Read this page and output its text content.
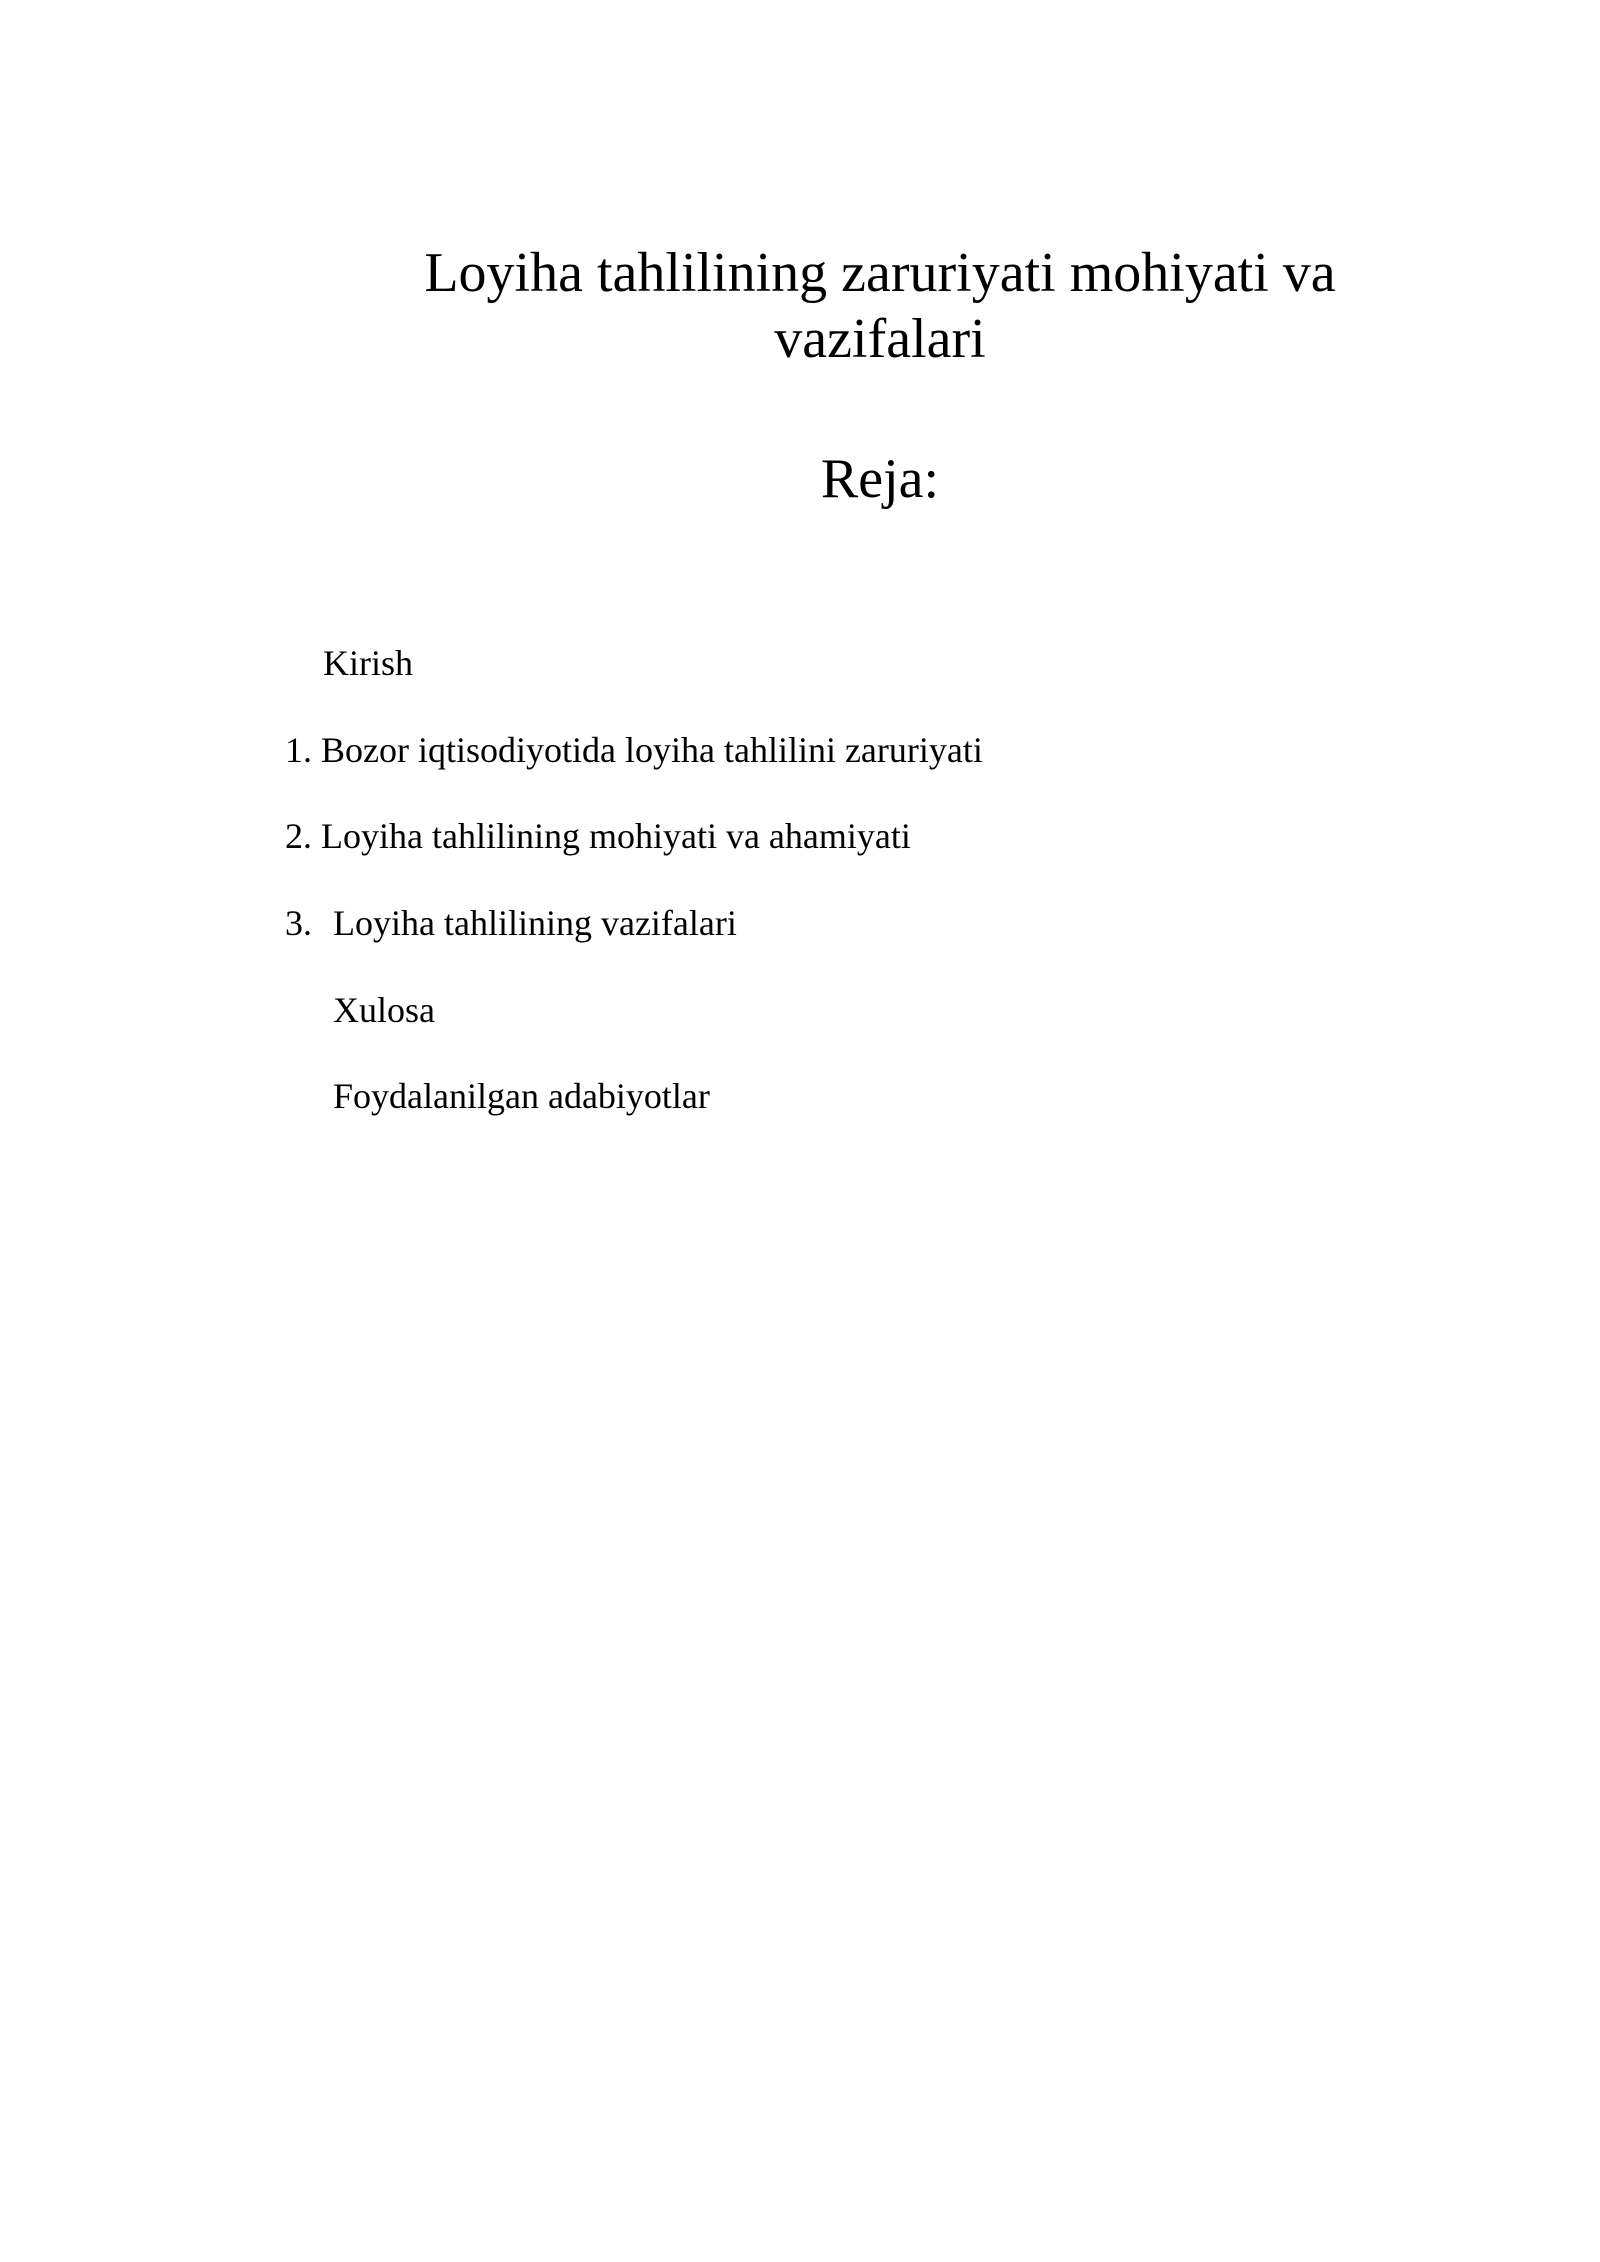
Loyiha tahlilining zaruriyati mohiyati va
vazifalari
Reja:
Kirish
1. Bozor iqtisodiyotida loyiha tahlilini zaruriyati
2. Loyiha tahlilining mohiyati va ahamiyati
3. Loyiha tahlilining vazifalari
Xulosa
Foydalanilgan adabiyotlar
